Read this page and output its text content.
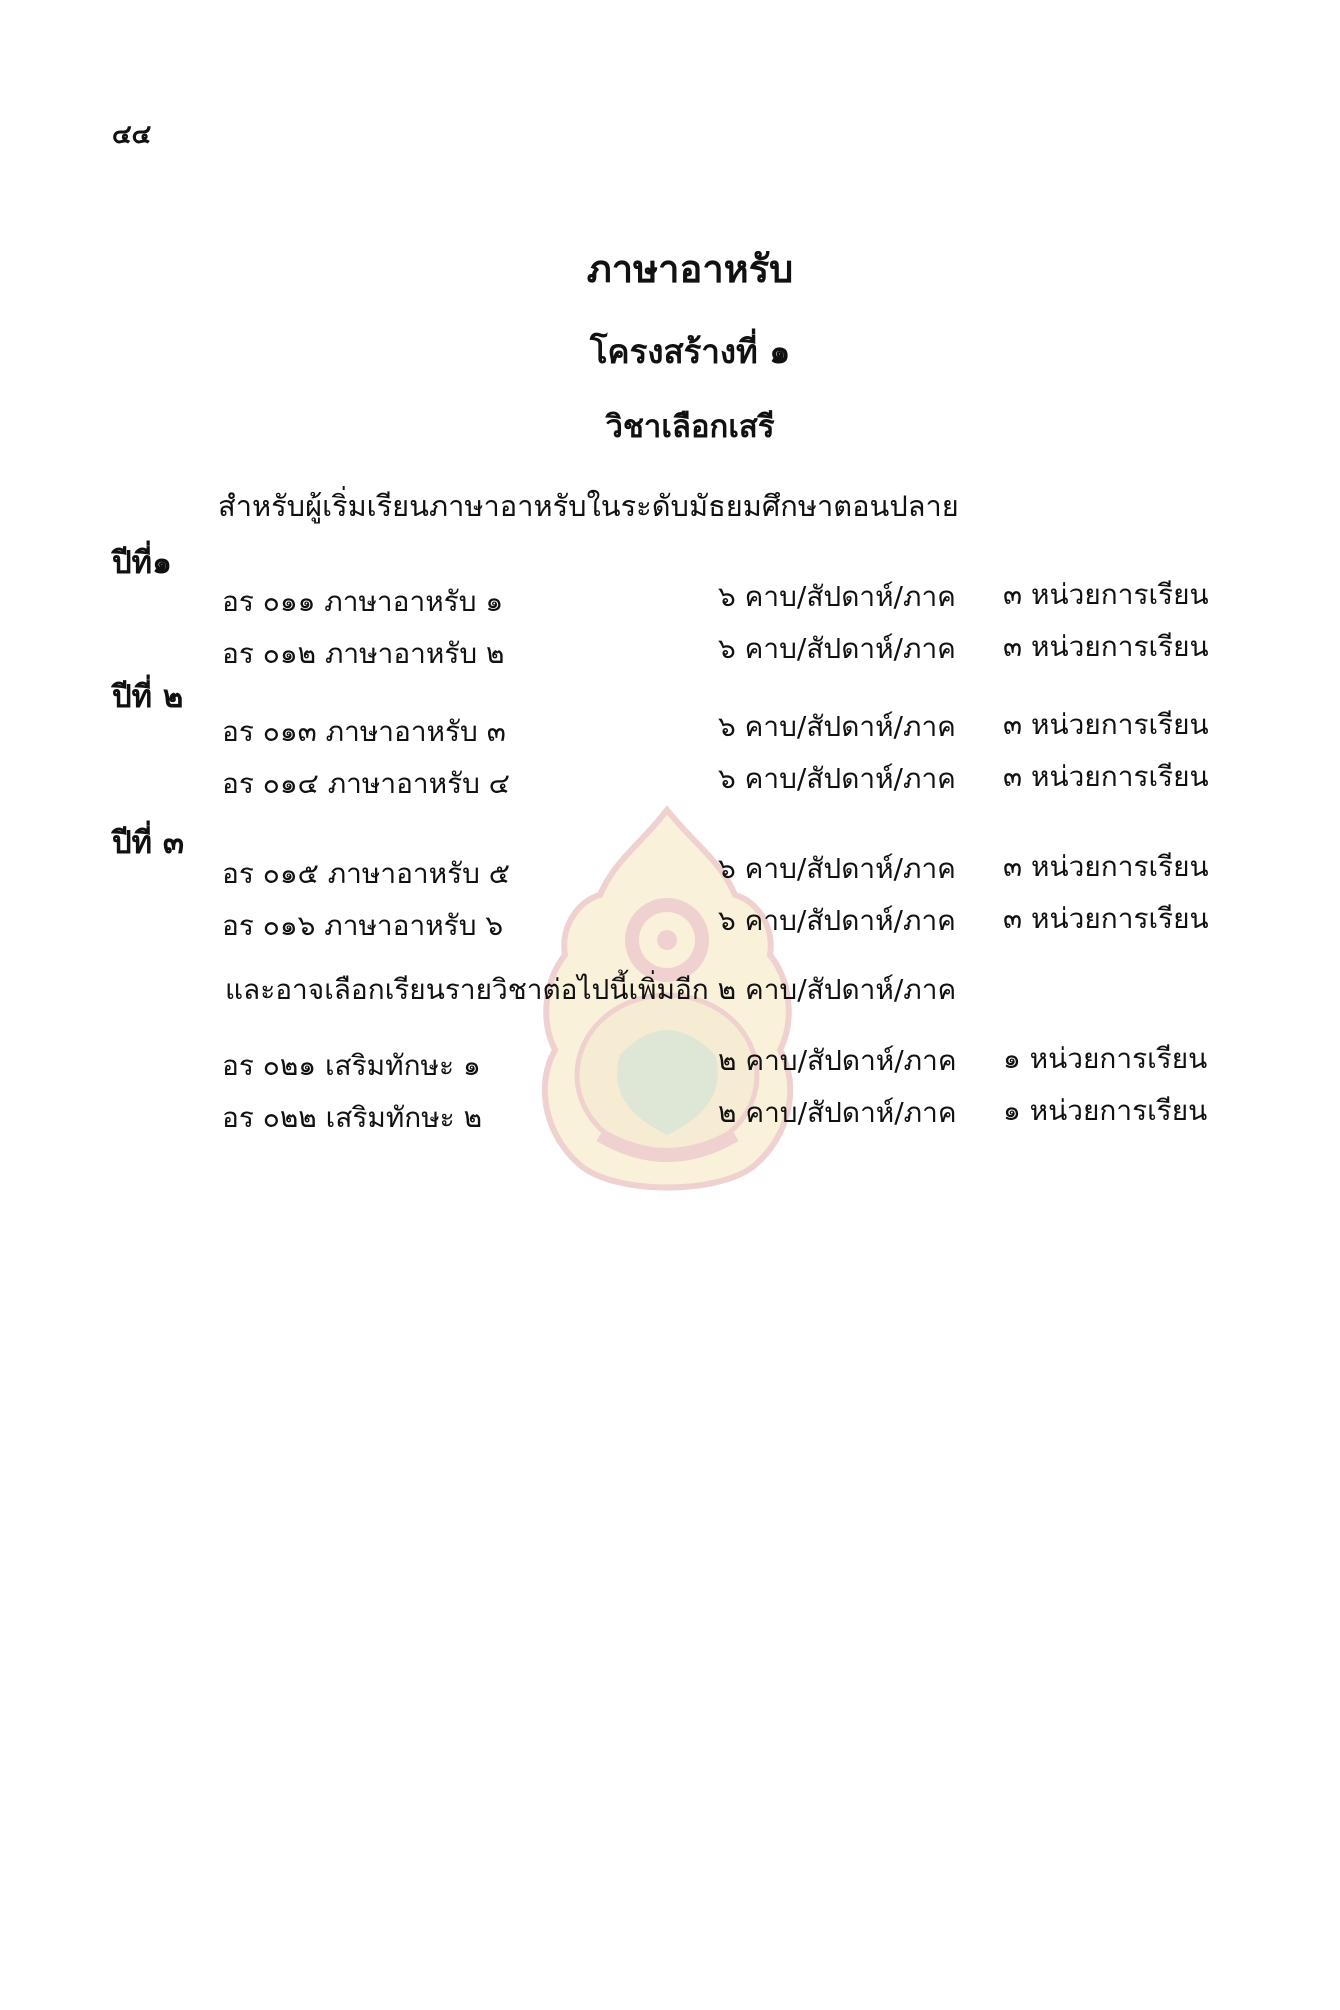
๔๔
ภาษาอาหรับ
โครงสร้างที่ ๑
วิชาเลือกเสรี
สำหรับผู้เริ่มเรียนภาษาอาหรับในระดับมัธยมศึกษาตอนปลาย
ปีที่๑
อร ๐๑๑ ภาษาอาหรับ ๑	๖ คาบ/สัปดาห์/ภาค ๓ หน่วยการเรียน
อร ๐๑๒ ภาษาอาหรับ ๒	๖ คาบ/สัปดาห์/ภาค ๓ หน่วยการเรียน
ปีที่ ๒
อร ๐๑๓ ภาษาอาหรับ ๓	๖ คาบ/สัปดาห์/ภาค ๓ หน่วยการเรียน
อร ๐๑๔ ภาษาอาหรับ ๔	๖ คาบ/สัปดาห์/ภาค ๓ หน่วยการเรียน
ปีที่ ๓
อร ๐๑๕ ภาษาอาหรับ ๕	๖ คาบ/สัปดาห์/ภาค ๓ หน่วยการเรียน
อร ๐๑๖ ภาษาอาหรับ ๖	๖ คาบ/สัปดาห์/ภาค ๓ หน่วยการเรียน
และอาจเลือกเรียนรายวิชาต่อไปนี้เพิ่มอีก ๒ คาบ/สัปดาห์/ภาค
อร ๐๒๑ เสริมทักษะ ๑	๒ คาบ/สัปดาห์/ภาค ๑ หน่วยการเรียน
อร ๐๒๒ เสริมทักษะ ๒	๒ คาบ/สัปดาห์/ภาค ๑ หน่วยการเรียน
